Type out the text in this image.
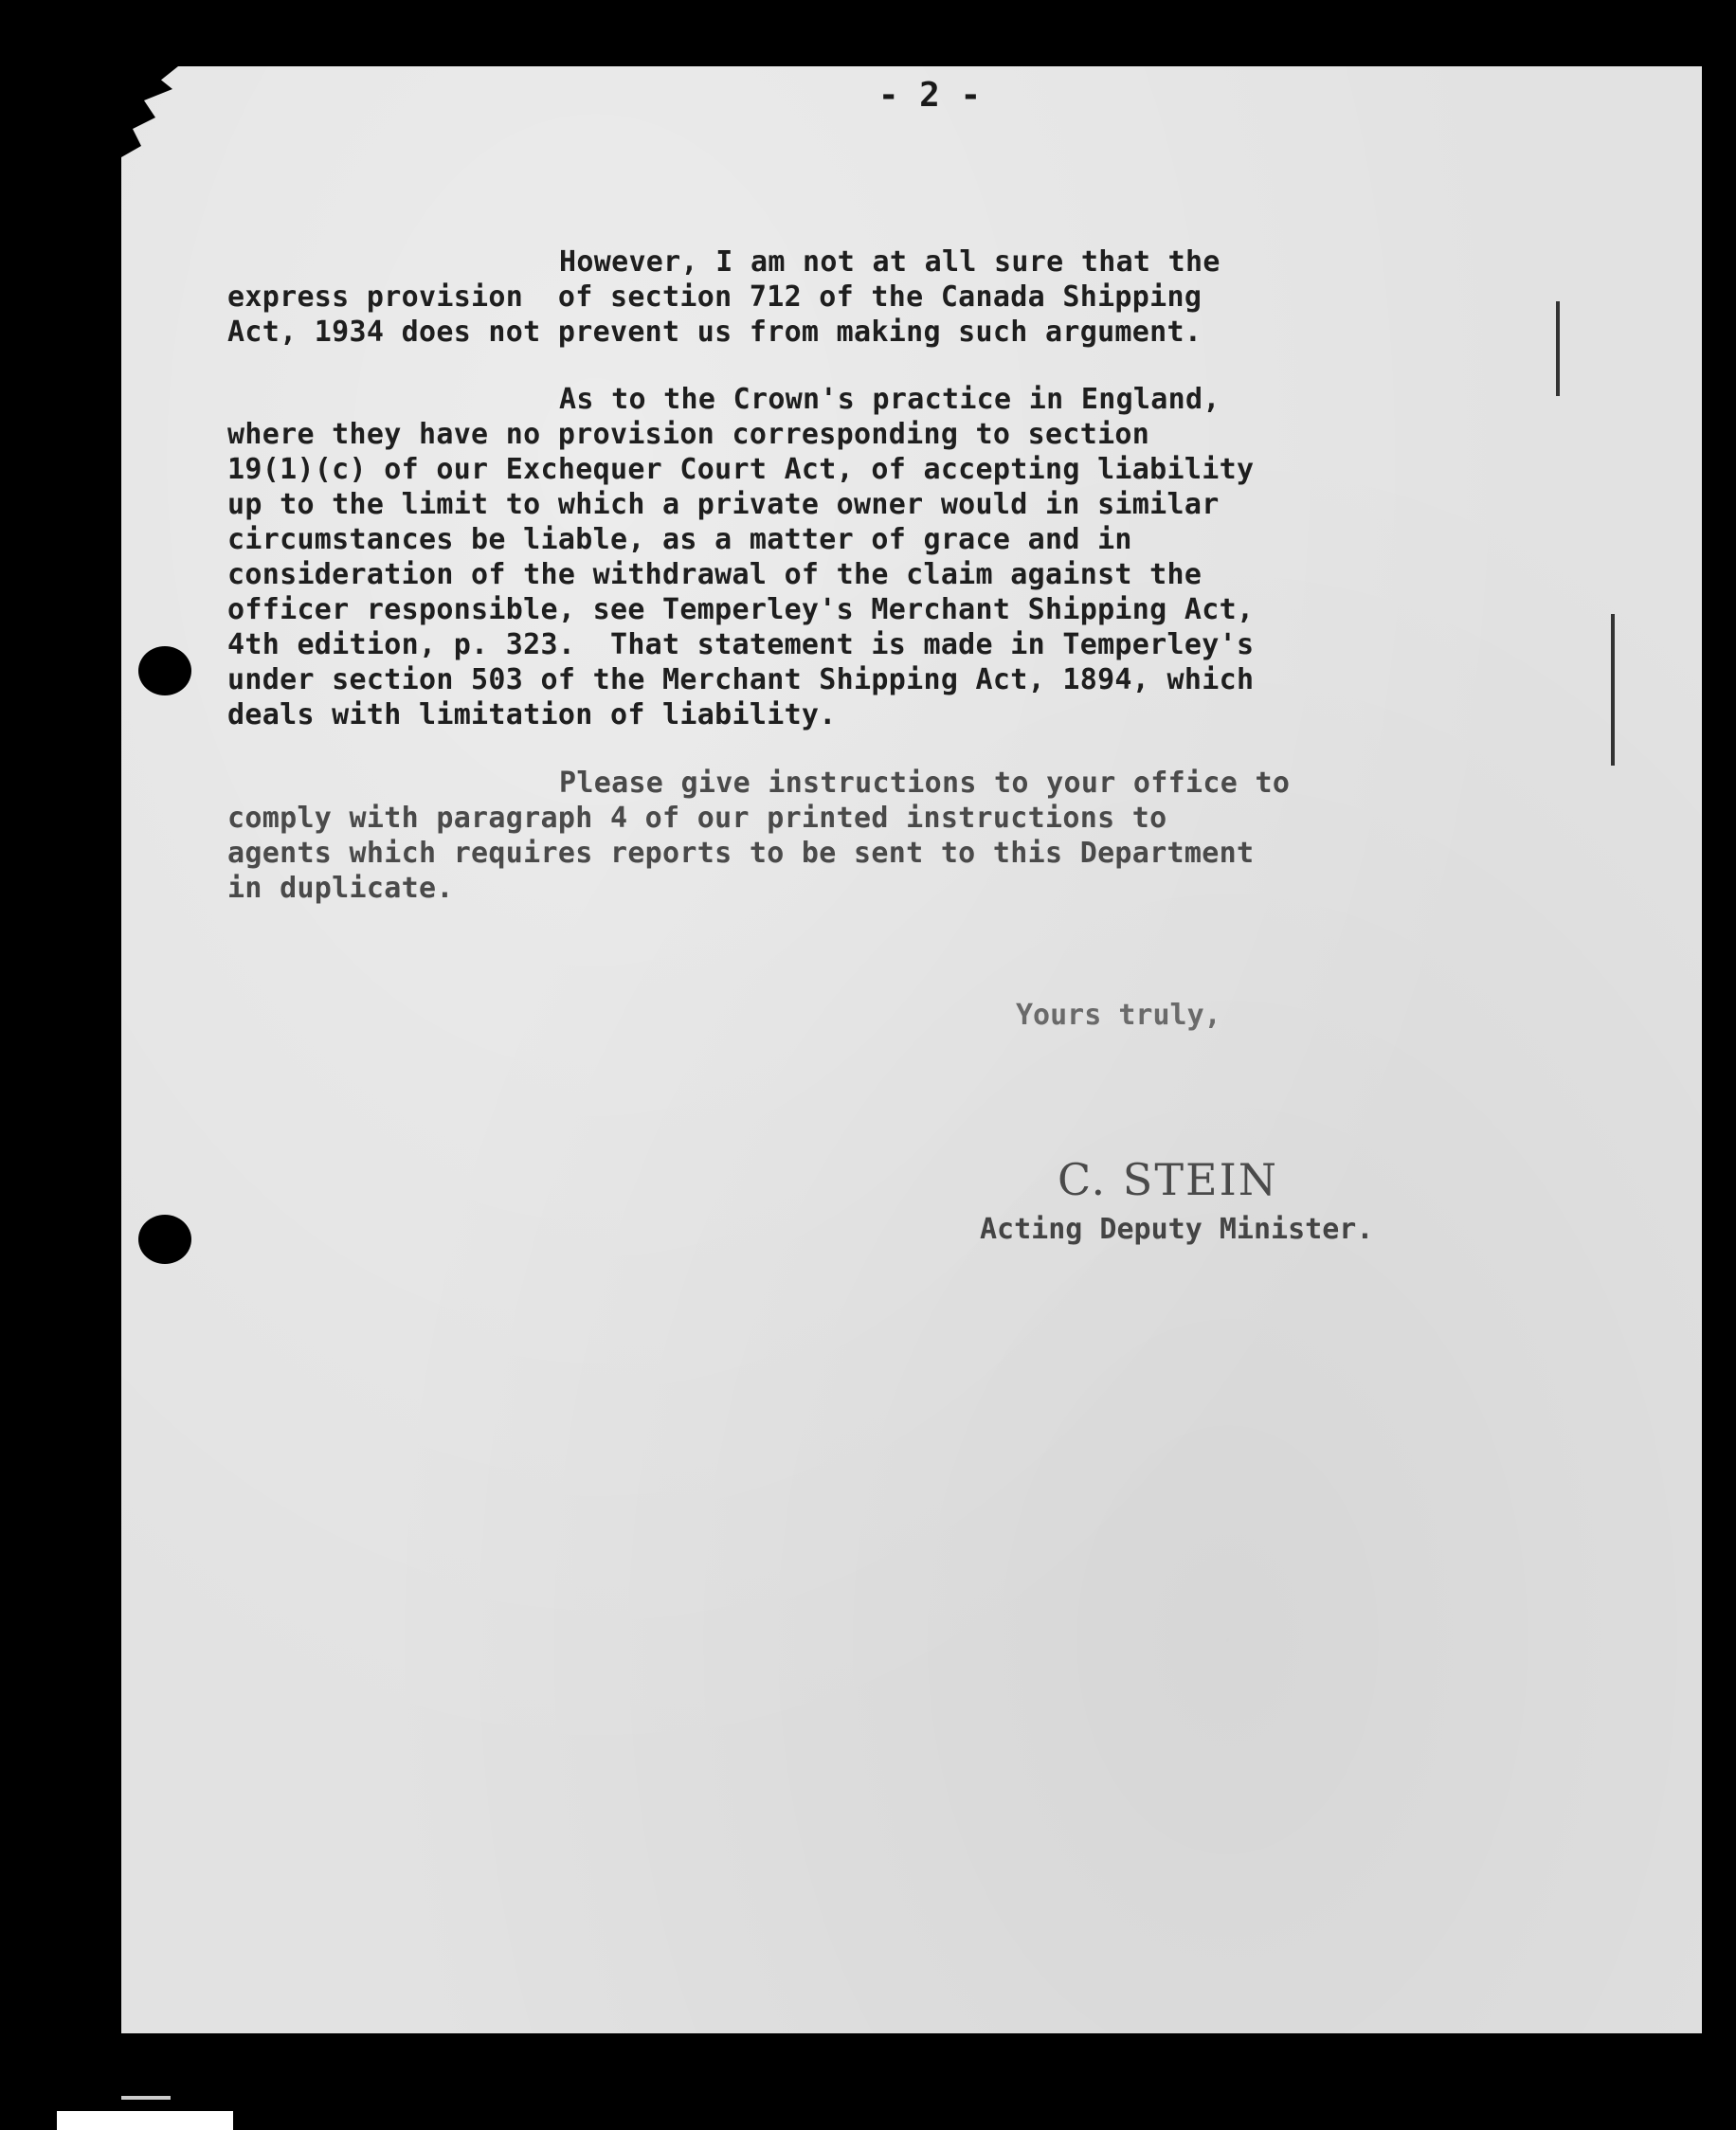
- 2 -
However, I am not at all sure that the
express provision  of section 712 of the Canada Shipping
Act, 1934 does not prevent us from making such argument.
As to the Crown's practice in England,
where they have no provision corresponding to section
19(1)(c) of our Exchequer Court Act, of accepting liability
up to the limit to which a private owner would in similar
circumstances be liable, as a matter of grace and in
consideration of the withdrawal of the claim against the
officer responsible, see Temperley's Merchant Shipping Act,
4th edition, p. 323.  That statement is made in Temperley's
under section 503 of the Merchant Shipping Act, 1894, which
deals with limitation of liability.
Please give instructions to your office to
comply with paragraph 4 of our printed instructions to
agents which requires reports to be sent to this Department
in duplicate.

Yours truly,

C. STEIN

Acting Deputy Minister.
